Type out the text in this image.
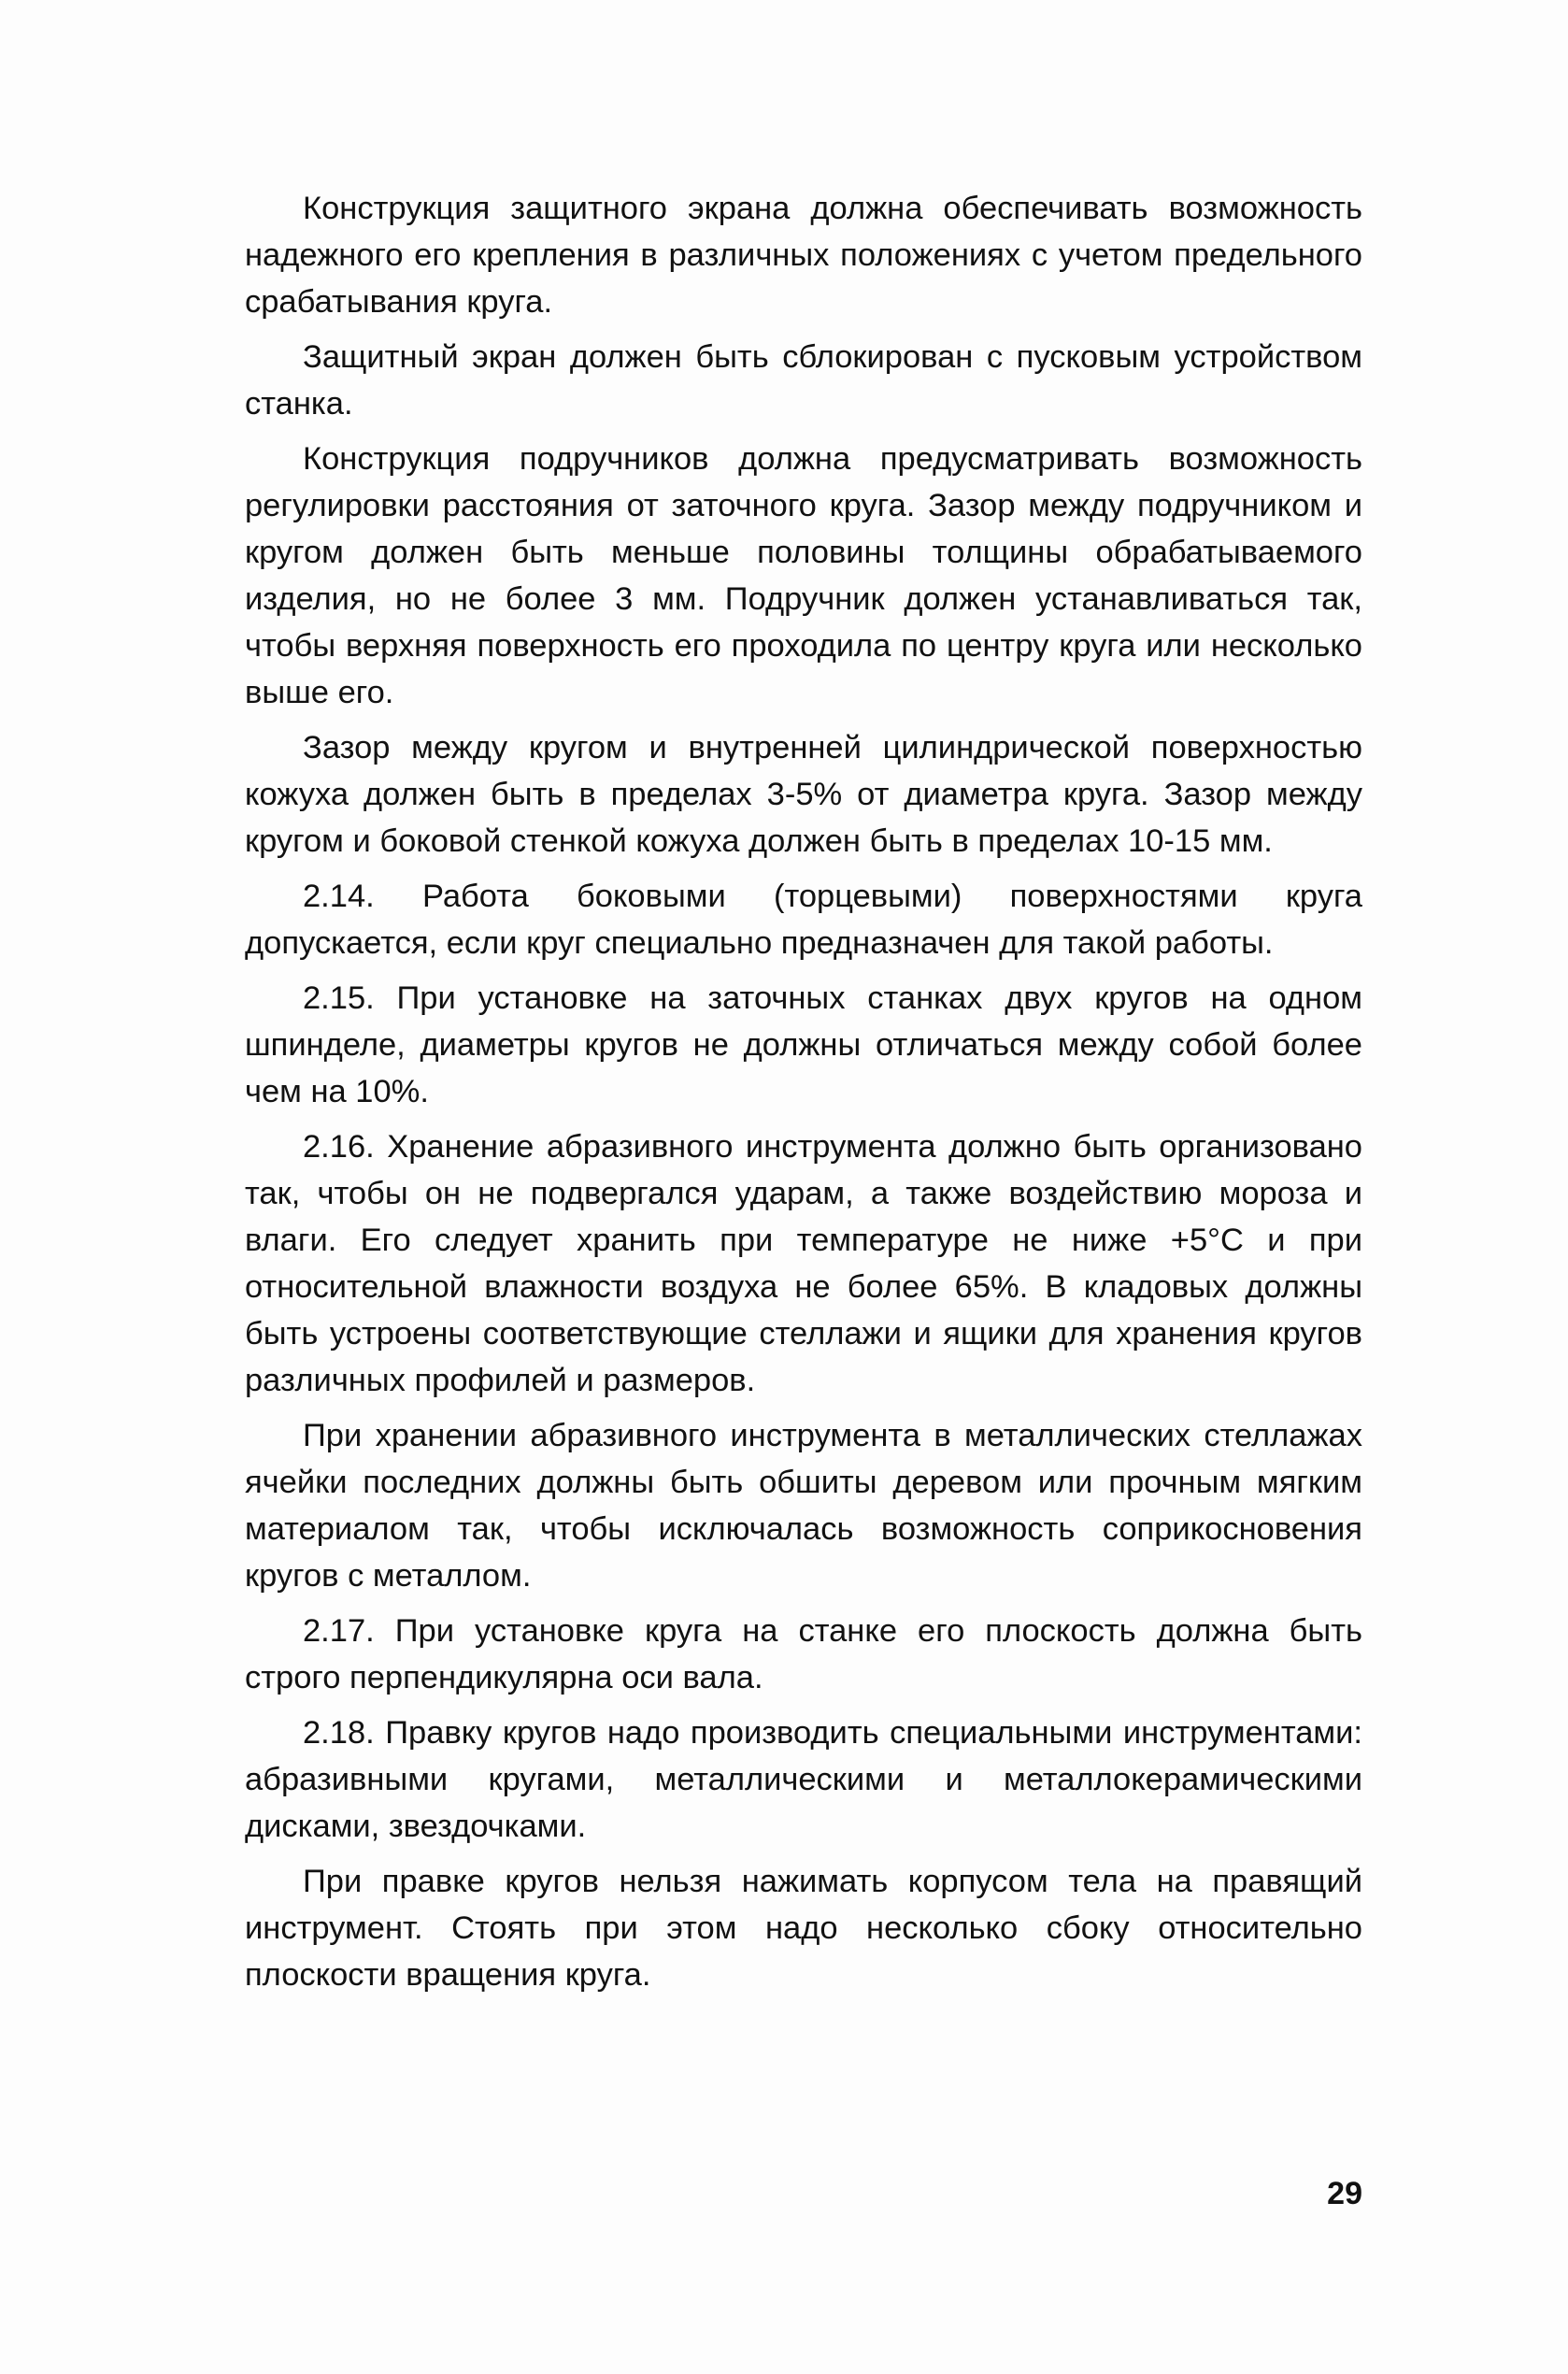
Конструкция защитного экрана должна обеспечивать возможность надежного его крепления в различных положениях с учетом предельного срабатывания круга.

Защитный экран должен быть сблокирован с пусковым устройством станка.

Конструкция подручников должна предусматривать возможность регулировки расстояния от заточного круга. Зазор между подручником и кругом должен быть меньше половины толщины обрабатываемого изделия, но не более 3 мм. Подручник должен устанавливаться так, чтобы верхняя поверхность его проходила по центру круга или несколько выше его.

Зазор между кругом и внутренней цилиндрической поверхностью кожуха должен быть в пределах 3-5% от диаметра круга. Зазор между кругом и боковой стенкой кожуха должен быть в пределах 10-15 мм.

2.14. Работа боковыми (торцевыми) поверхностями круга допускается, если круг специально предназначен для такой работы.

2.15. При установке на заточных станках двух кругов на одном шпинделе, диаметры кругов не должны отличаться между собой более чем на 10%.

2.16. Хранение абразивного инструмента должно быть организовано так, чтобы он не подвергался ударам, а также воздействию мороза и влаги. Его следует хранить при температуре не ниже +5°С и при относительной влажности воздуха не более 65%. В кладовых должны быть устроены соответствующие стеллажи и ящики для хранения кругов различных профилей и размеров.

При хранении абразивного инструмента в металлических стеллажах ячейки последних должны быть обшиты деревом или прочным мягким материалом так, чтобы исключалась возможность соприкосновения кругов с металлом.

2.17. При установке круга на станке его плоскость должна быть строго перпендикулярна оси вала.

2.18. Правку кругов надо производить специальными инструментами: абразивными кругами, металлическими и металлокерамическими дисками, звездочками.

При правке кругов нельзя нажимать корпусом тела на правящий инструмент. Стоять при этом надо несколько сбоку относительно плоскости вращения круга.

29
